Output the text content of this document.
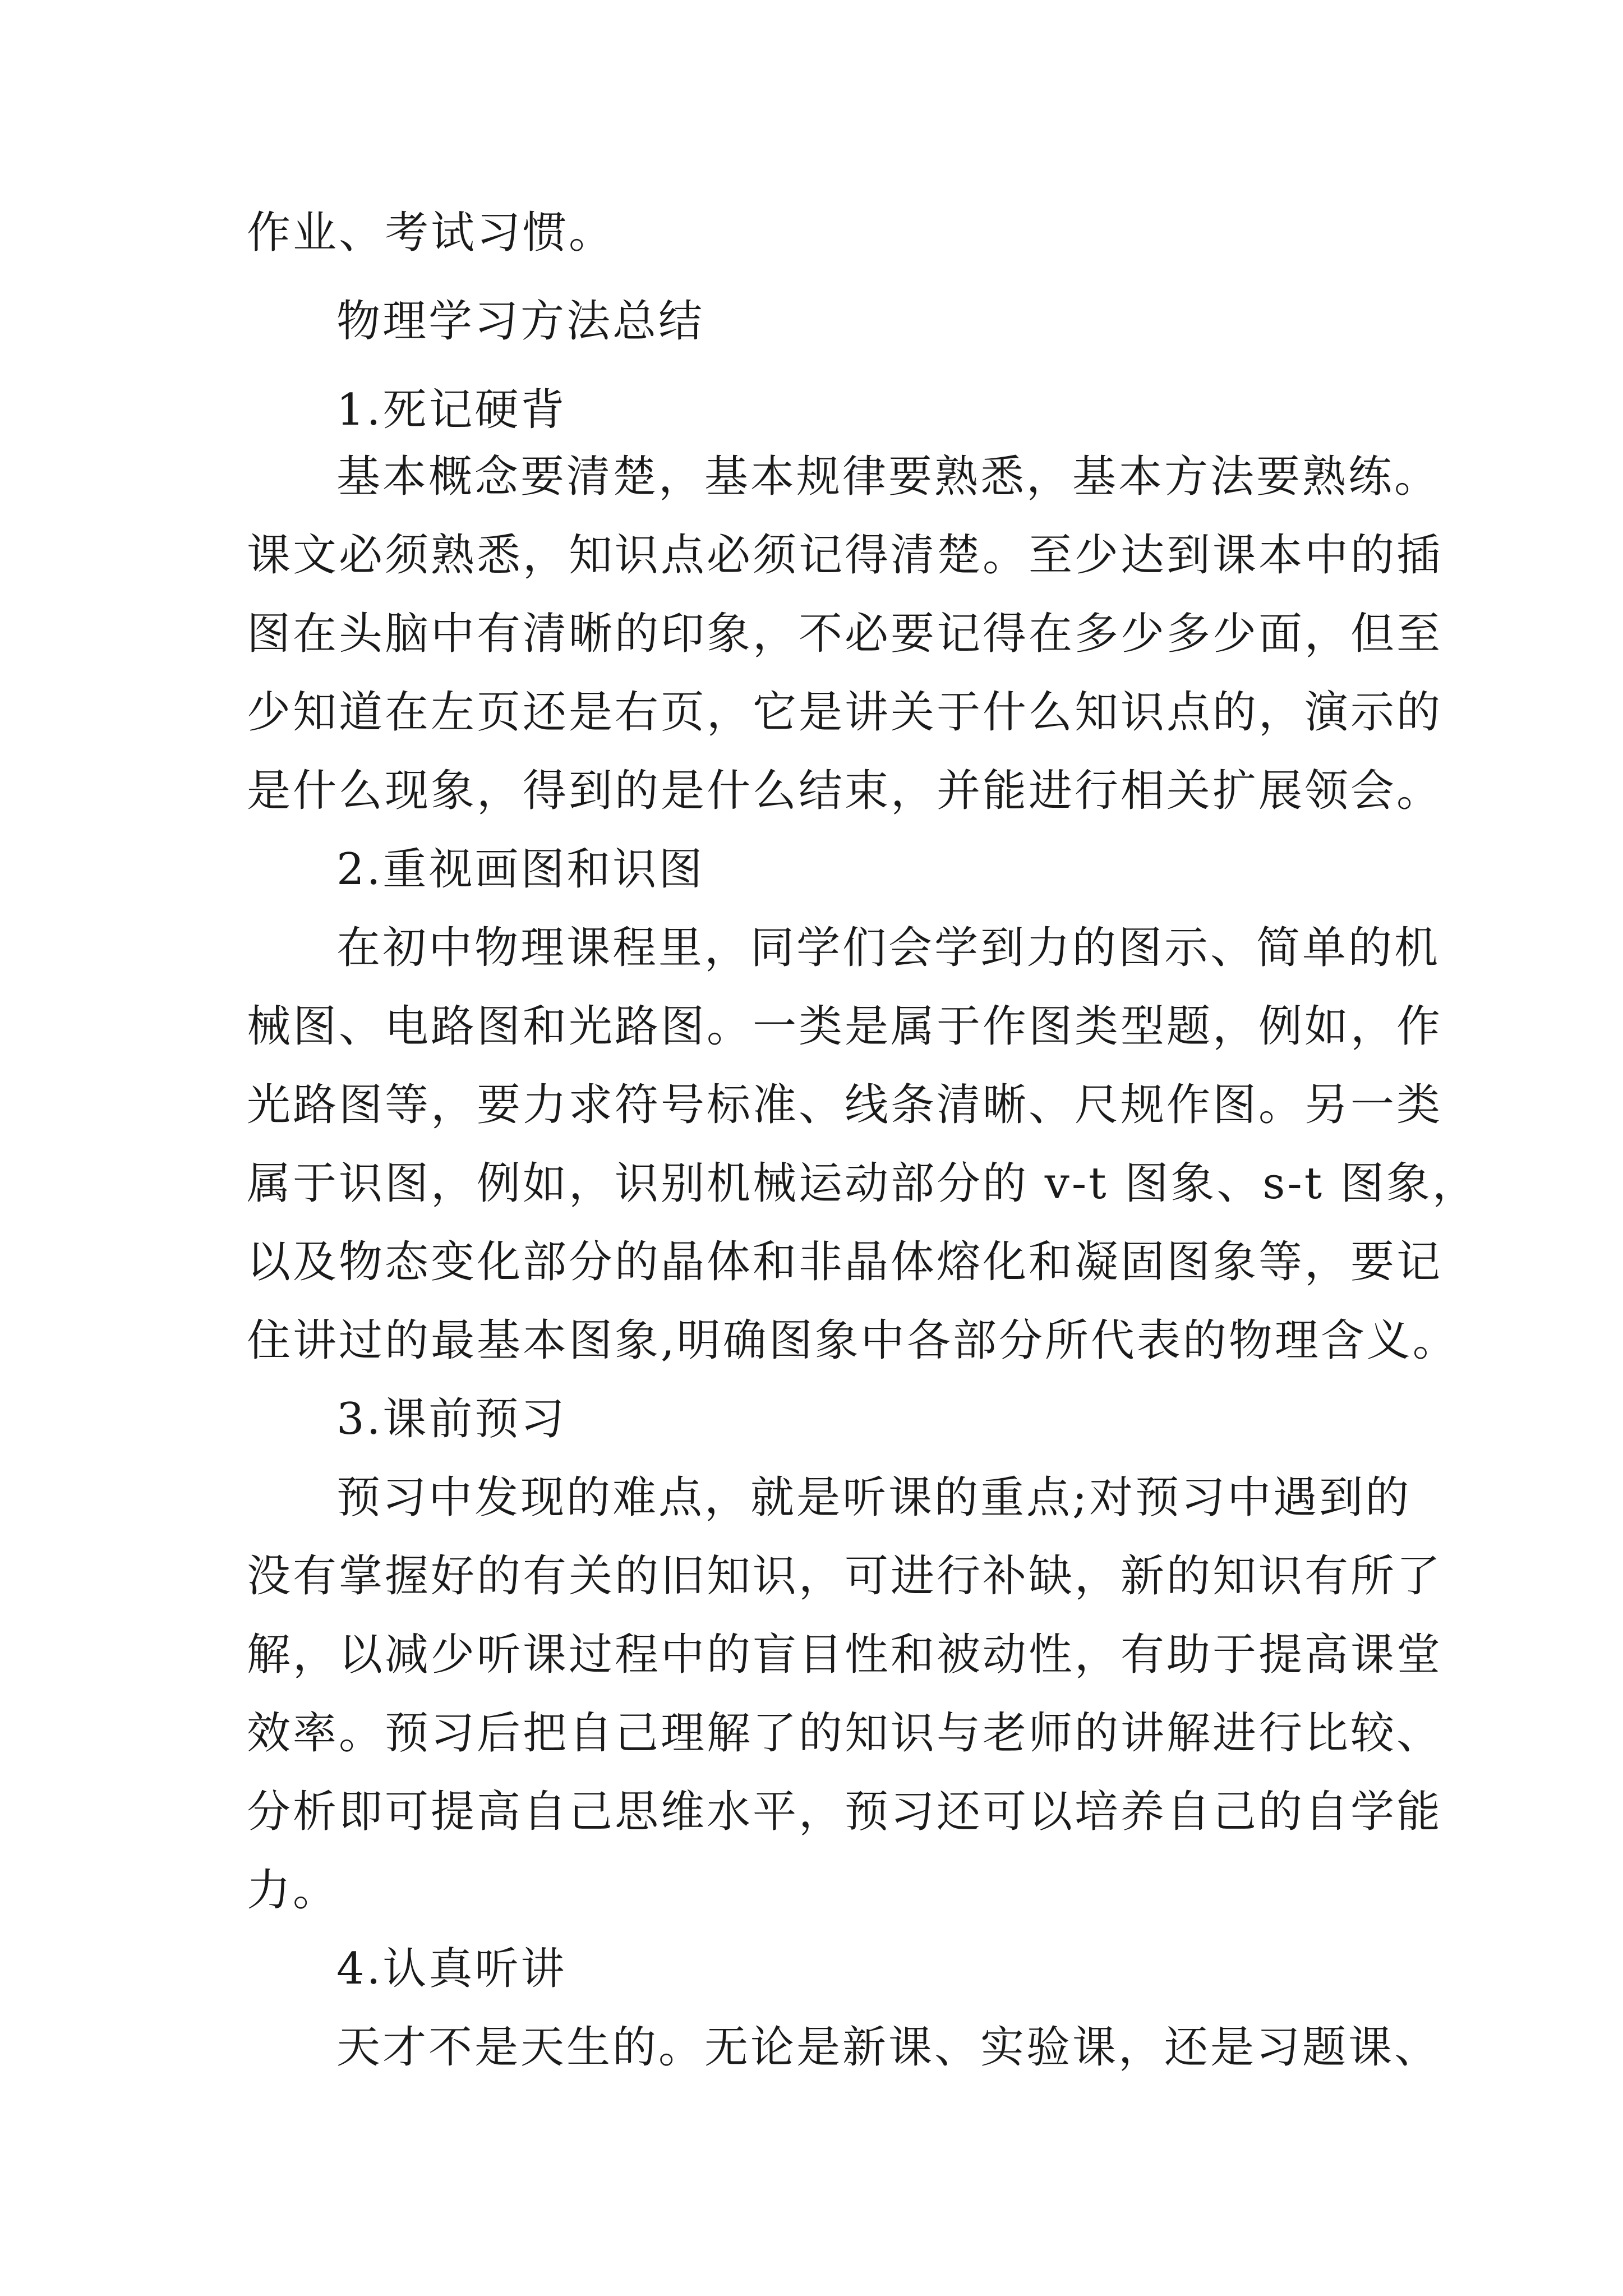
作业、考试习惯。
物理学习方法总结
1.死记硬背
基本概念要清楚，基本规律要熟悉，基本方法要熟练。
课文必须熟悉，知识点必须记得清楚。至少达到课本中的插
图在头脑中有清晰的印象，不必要记得在多少多少面，但至
少知道在左页还是右页，它是讲关于什么知识点的，演示的
是什么现象，得到的是什么结束，并能进行相关扩展领会。
2.重视画图和识图
在初中物理课程里，同学们会学到力的图示、简单的机
械图、电路图和光路图。一类是属于作图类型题，例如，作
光路图等，要力求符号标准、线条清晰、尺规作图。另一类
属于识图，例如，识别机械运动部分的 v-t 图象、s-t 图象，
以及物态变化部分的晶体和非晶体熔化和凝固图象等，要记
住讲过的最基本图象,明确图象中各部分所代表的物理含义。
3.课前预习
预习中发现的难点，就是听课的重点;对预习中遇到的
没有掌握好的有关的旧知识，可进行补缺，新的知识有所了
解，以减少听课过程中的盲目性和被动性，有助于提高课堂
效率。预习后把自己理解了的知识与老师的讲解进行比较、
分析即可提高自己思维水平，预习还可以培养自己的自学能
力。
4.认真听讲
天才不是天生的。无论是新课、实验课，还是习题课、
